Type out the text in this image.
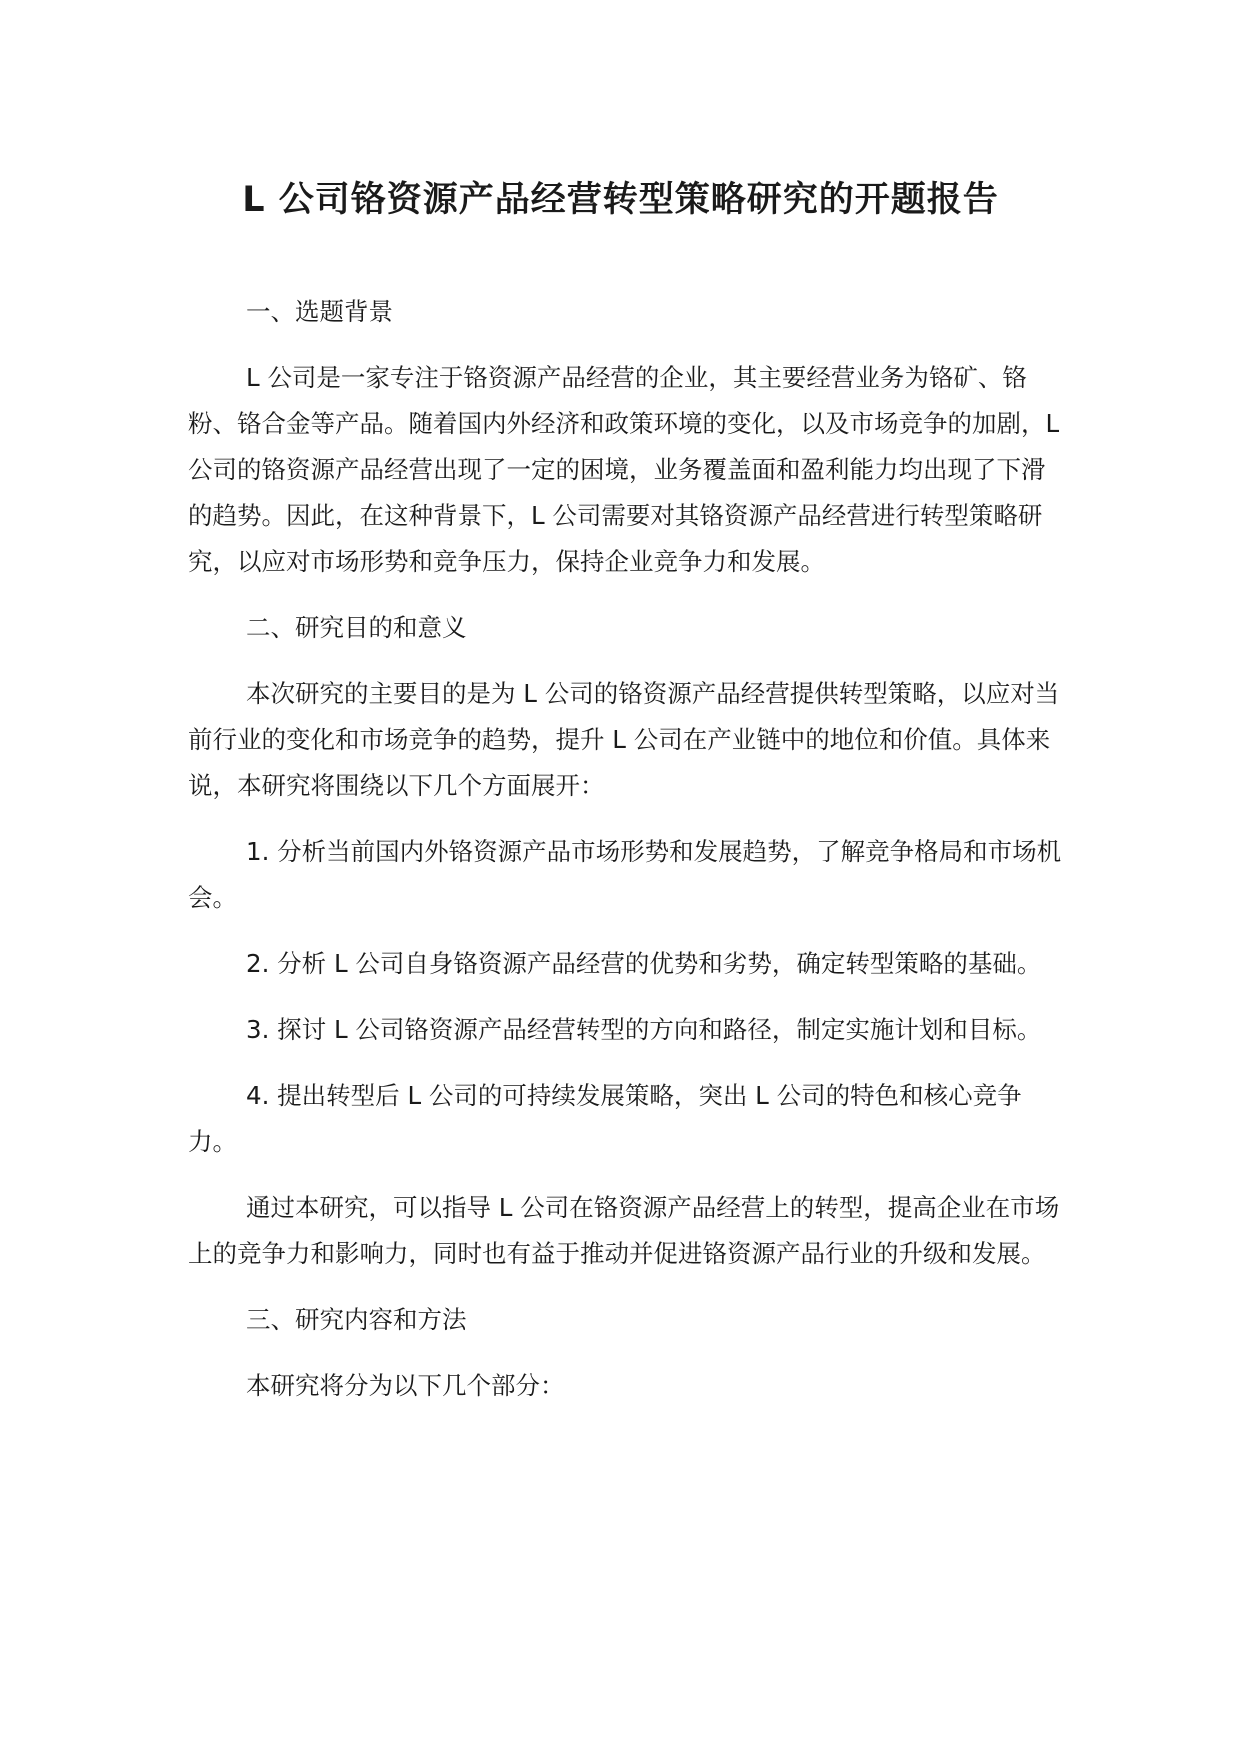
L 公司铬资源产品经营转型策略研究的开题报告

一、选题背景

L 公司是一家专注于铬资源产品经营的企业，其主要经营业务为铬矿、铬粉、铬合金等产品。随着国内外经济和政策环境的变化，以及市场竞争的加剧，L 公司的铬资源产品经营出现了一定的困境，业务覆盖面和盈利能力均出现了下滑的趋势。因此，在这种背景下，L 公司需要对其铬资源产品经营进行转型策略研究，以应对市场形势和竞争压力，保持企业竞争力和发展。

二、研究目的和意义

本次研究的主要目的是为 L 公司的铬资源产品经营提供转型策略，以应对当前行业的变化和市场竞争的趋势，提升 L 公司在产业链中的地位和价值。具体来说，本研究将围绕以下几个方面展开：

1. 分析当前国内外铬资源产品市场形势和发展趋势，了解竞争格局和市场机会。

2. 分析 L 公司自身铬资源产品经营的优势和劣势，确定转型策略的基础。

3. 探讨 L 公司铬资源产品经营转型的方向和路径，制定实施计划和目标。

4. 提出转型后 L 公司的可持续发展策略，突出 L 公司的特色和核心竞争力。

通过本研究，可以指导 L 公司在铬资源产品经营上的转型，提高企业在市场上的竞争力和影响力，同时也有益于推动并促进铬资源产品行业的升级和发展。

三、研究内容和方法

本研究将分为以下几个部分：
